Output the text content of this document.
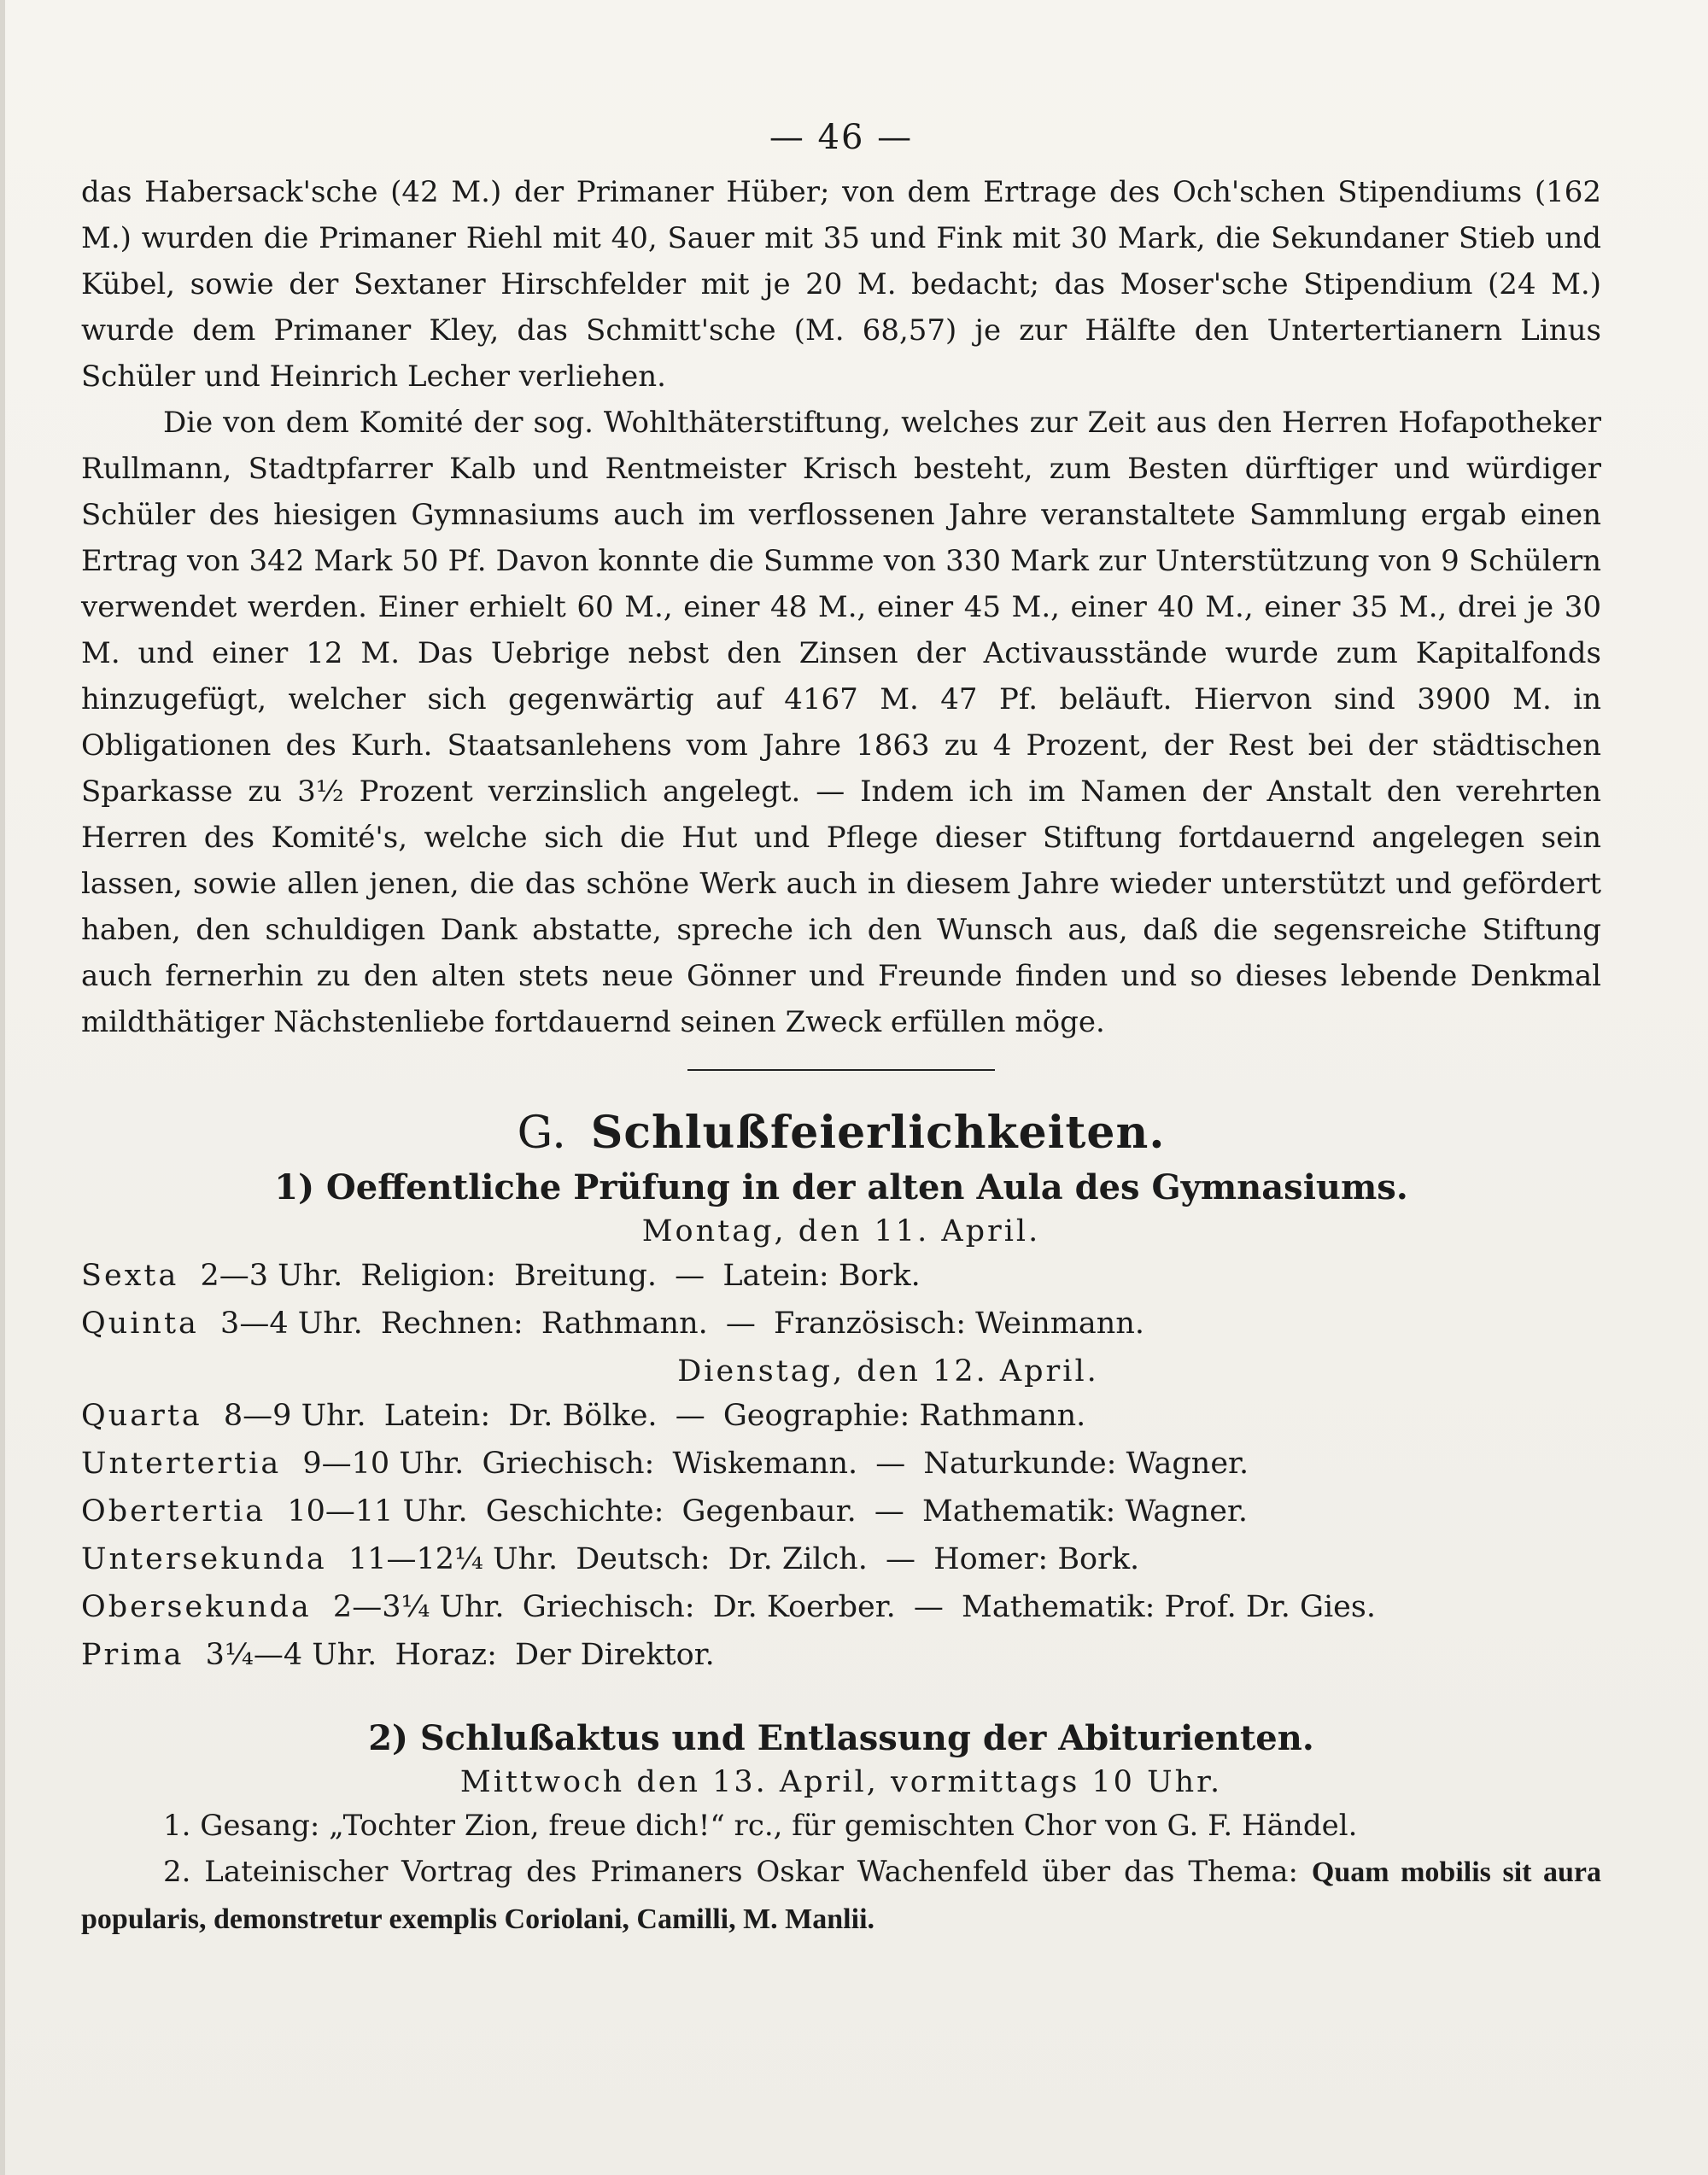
— 46 —

das Habersack'sche (42 M.) der Primaner Hüber; von dem Ertrage des Och'schen Stipendiums (162 M.) wurden die Primaner Riehl mit 40, Sauer mit 35 und Fink mit 30 Mark, die Sekundaner Stieb und Kübel, sowie der Sextaner Hirschfelder mit je 20 M. bedacht; das Moser'sche Stipendium (24 M.) wurde dem Primaner Kley, das Schmitt'sche (M. 68,57) je zur Hälfte den Untertertianern Linus Schüler und Heinrich Lecher verliehen.

Die von dem Komité der sog. Wohlthäterstiftung, welches zur Zeit aus den Herren Hofapotheker Rullmann, Stadtpfarrer Kalb und Rentmeister Krisch besteht, zum Besten dürftiger und würdiger Schüler des hiesigen Gymnasiums auch im verflossenen Jahre veranstaltete Sammlung ergab einen Ertrag von 342 Mark 50 Pf. Davon konnte die Summe von 330 Mark zur Unterstützung von 9 Schülern verwendet werden. Einer erhielt 60 M., einer 48 M., einer 45 M., einer 40 M., einer 35 M., drei je 30 M. und einer 12 M. Das Uebrige nebst den Zinsen der Activausstände wurde zum Kapitalfonds hinzugefügt, welcher sich gegenwärtig auf 4167 M. 47 Pf. beläuft. Hiervon sind 3900 M. in Obligationen des Kurh. Staatsanlehens vom Jahre 1863 zu 4 Prozent, der Rest bei der städtischen Sparkasse zu 3½ Prozent verzinslich angelegt. — Indem ich im Namen der Anstalt den verehrten Herren des Komité's, welche sich die Hut und Pflege dieser Stiftung fortdauernd angelegen sein lassen, sowie allen jenen, die das schöne Werk auch in diesem Jahre wieder unterstützt und gefördert haben, den schuldigen Dank abstatte, spreche ich den Wunsch aus, daß die segensreiche Stiftung auch fernerhin zu den alten stets neue Gönner und Freunde finden und so dieses lebende Denkmal mildthätiger Nächstenliebe fortdauernd seinen Zweck erfüllen möge.

G. Schlußfeierlichkeiten.
1) Oeffentliche Prüfung in der alten Aula des Gymnasiums.
Montag, den 11. April.
Sexta 2—3 Uhr. Religion: Breitung. — Latein: Bork.
Quinta 3—4 Uhr. Rechnen: Rathmann. — Französisch: Weinmann.
Dienstag, den 12. April.
Quarta 8—9 Uhr. Latein: Dr. Bölke. — Geographie: Rathmann.
Untertertia 9—10 Uhr. Griechisch: Wiskemann. — Naturkunde: Wagner.
Obertertia 10—11 Uhr. Geschichte: Gegenbaur. — Mathematik: Wagner.
Untersekunda 11—12¼ Uhr. Deutsch: Dr. Zilch. — Homer: Bork.
Obersekunda 2—3¼ Uhr. Griechisch: Dr. Koerber. — Mathematik: Prof. Dr. Gies.
Prima 3¼—4 Uhr. Horaz: Der Direktor.
2) Schlußaktus und Entlassung der Abiturienten.
Mittwoch den 13. April, vormittags 10 Uhr.
1. Gesang: „Tochter Zion, freue dich!“ rc., für gemischten Chor von G. F. Händel.
2. Lateinischer Vortrag des Primaners Oskar Wachenfeld über das Thema: Quam mobilis sit aura popularis, demonstretur exemplis Coriolani, Camilli, M. Manlii.
